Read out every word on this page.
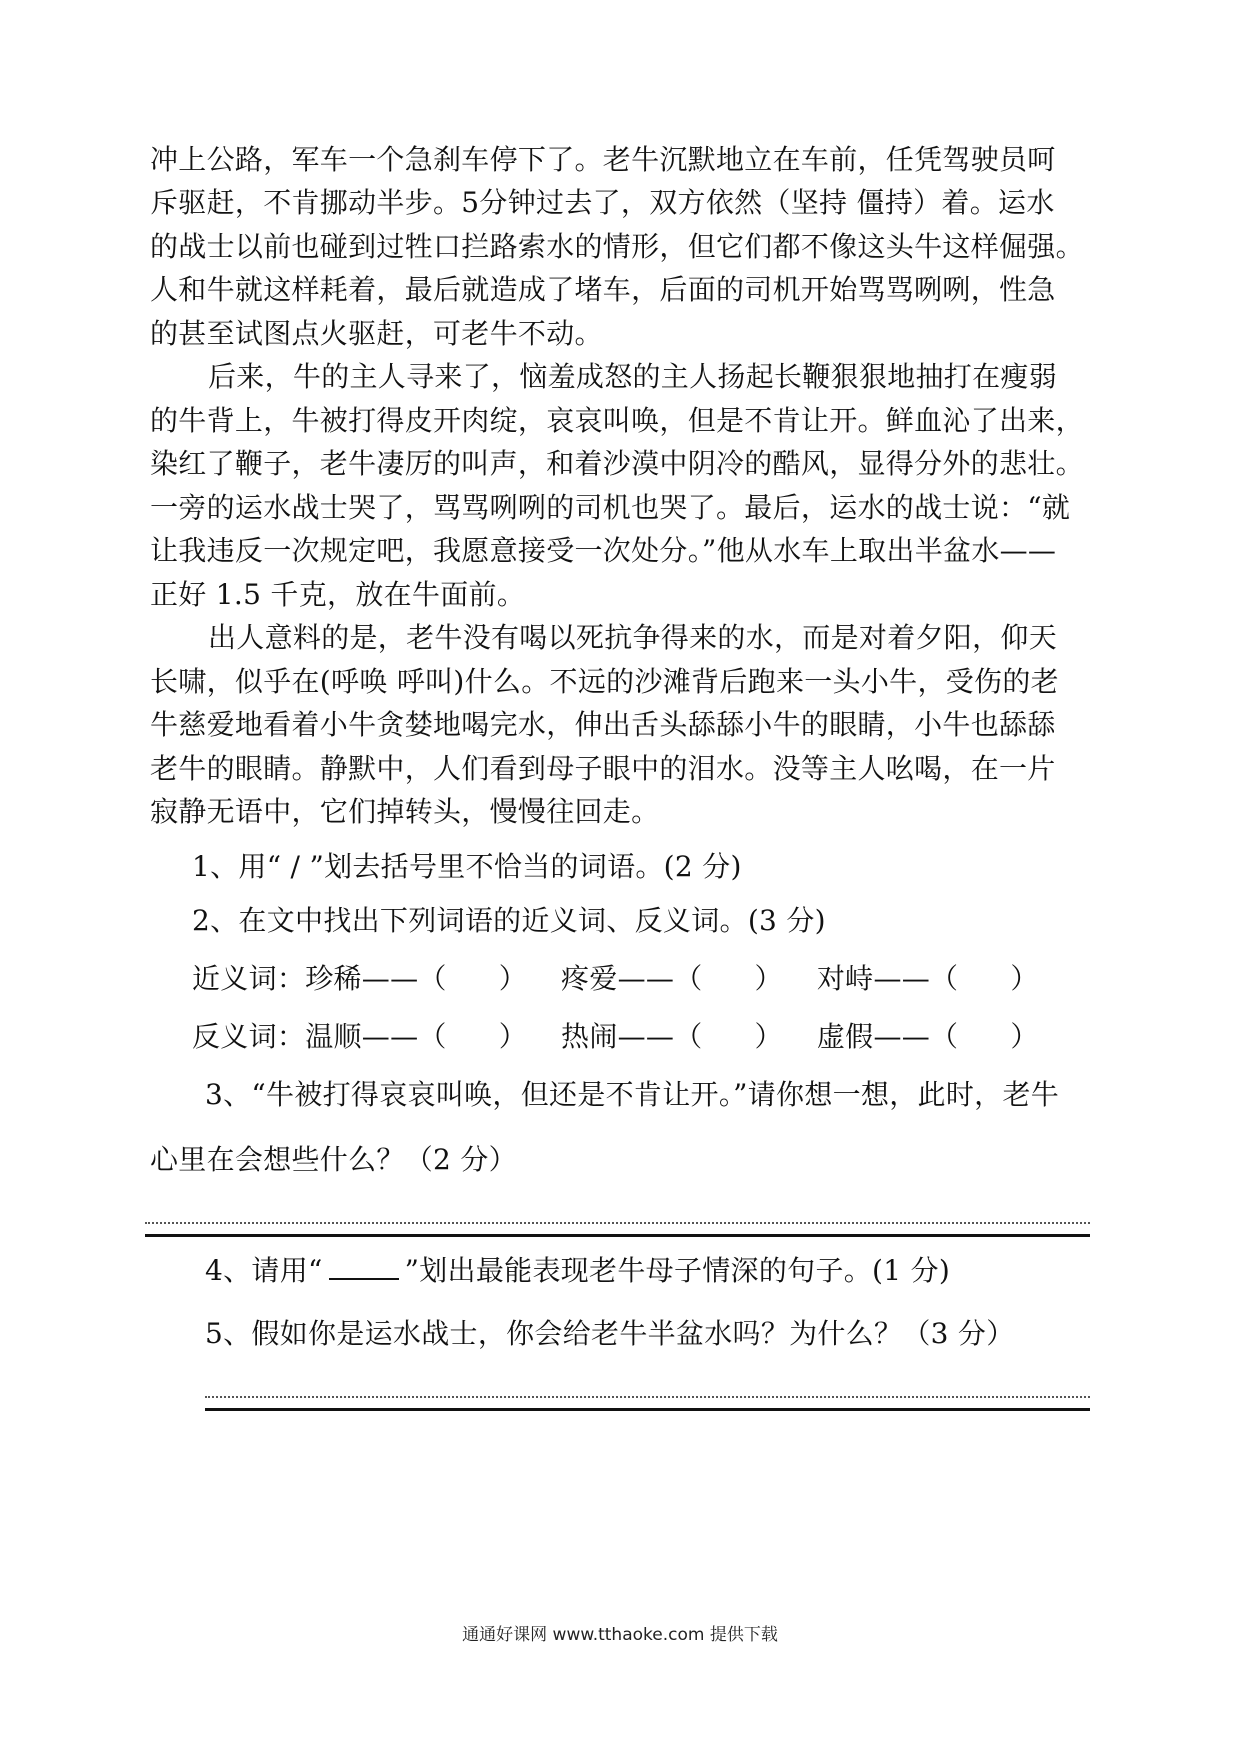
冲上公路，军车一个急刹车停下了。老牛沉默地立在车前，任凭驾驶员呵
斥驱赶，不肯挪动半步。5分钟过去了，双方依然（坚持 僵持）着。运水
的战士以前也碰到过牲口拦路索水的情形，但它们都不像这头牛这样倔强。
人和牛就这样耗着，最后就造成了堵车，后面的司机开始骂骂咧咧，性急
的甚至试图点火驱赶，可老牛不动。
后来，牛的主人寻来了，恼羞成怒的主人扬起长鞭狠狠地抽打在瘦弱
的牛背上，牛被打得皮开肉绽，哀哀叫唤，但是不肯让开。鲜血沁了出来，
染红了鞭子，老牛凄厉的叫声，和着沙漠中阴冷的酷风，显得分外的悲壮。
一旁的运水战士哭了，骂骂咧咧的司机也哭了。最后，运水的战士说：“就
让我违反一次规定吧，我愿意接受一次处分。”他从水车上取出半盆水——
正好 1.5 千克，放在牛面前。
出人意料的是，老牛没有喝以死抗争得来的水，而是对着夕阳，仰天
长啸，似乎在(呼唤 呼叫)什么。不远的沙滩背后跑来一头小牛，受伤的老
牛慈爱地看着小牛贪婪地喝完水，伸出舌头舔舔小牛的眼睛，小牛也舔舔
老牛的眼睛。静默中，人们看到母子眼中的泪水。没等主人吆喝，在一片
寂静无语中，它们掉转头，慢慢往回走。
1、用“ / ”划去括号里不恰当的词语。(2 分)
2、在文中找出下列词语的近义词、反义词。(3 分)
近义词：珍稀——（ ） 疼爱——（ ） 对峙——（ ）
反义词：温顺——（ ） 热闹——（ ） 虚假——（ ）
3、“牛被打得哀哀叫唤，但还是不肯让开。”请你想一想，此时，老牛
心里在会想些什么？（2 分）
4、请用“	”划出最能表现老牛母子情深的句子。(1 分)
5、假如你是运水战士，你会给老牛半盆水吗？为什么？（3 分）
通通好课网 www.tthaoke.com 提供下载
